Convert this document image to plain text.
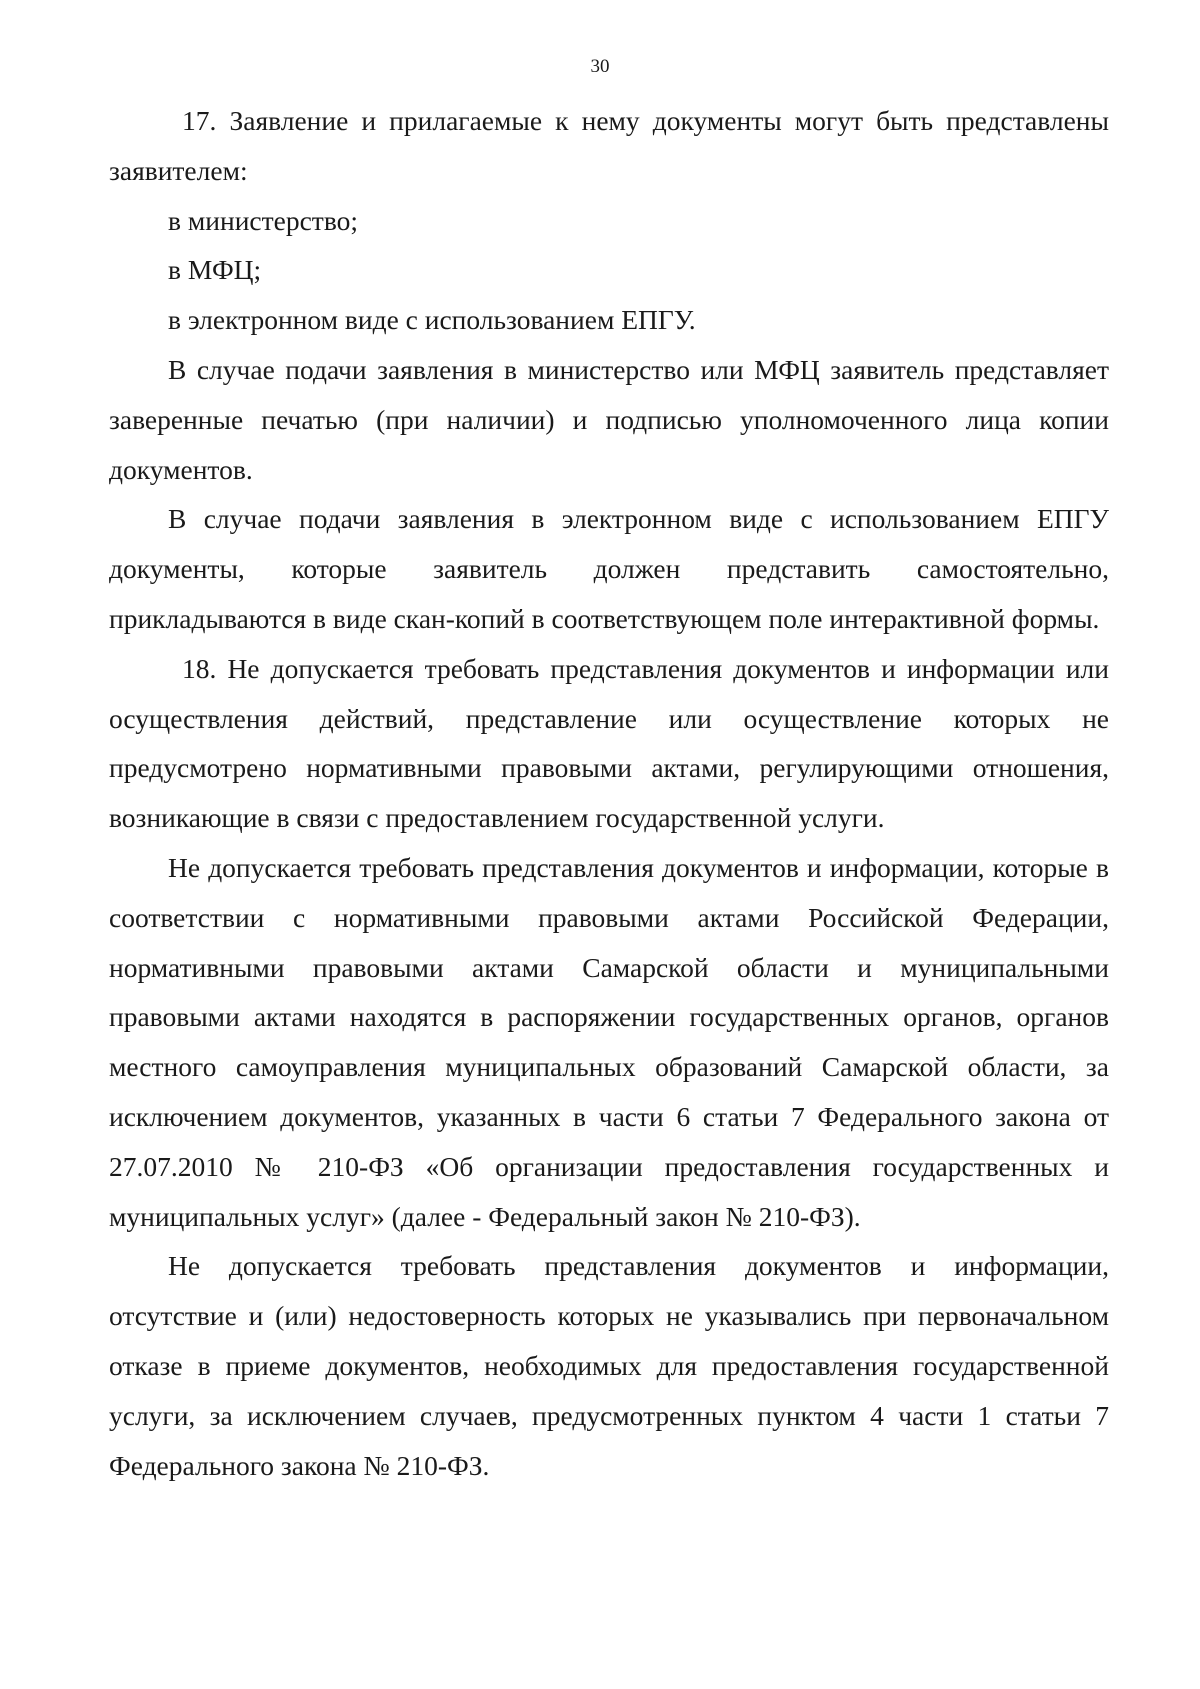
30

17. Заявление и прилагаемые к нему документы могут быть представлены заявителем:

в министерство;

в МФЦ;

в электронном виде с использованием ЕПГУ.

В случае подачи заявления в министерство или МФЦ заявитель представляет заверенные печатью (при наличии) и подписью уполномоченного лица копии документов.

В случае подачи заявления в электронном виде с использованием ЕПГУ документы, которые заявитель должен представить самостоятельно, прикладываются в виде скан-копий в соответствующем поле интерактивной формы.

18. Не допускается требовать представления документов и информации или осуществления действий, представление или осуществление которых не предусмотрено нормативными правовыми актами, регулирующими отношения, возникающие в связи с предоставлением государственной услуги.

Не допускается требовать представления документов и информации, которые в соответствии с нормативными правовыми актами Российской Федерации, нормативными правовыми актами Самарской области и муниципальными правовыми актами находятся в распоряжении государственных органов, органов местного самоуправления муниципальных образований Самарской области, за исключением документов, указанных в части 6 статьи 7 Федерального закона от 27.07.2010 № 210-ФЗ «Об организации предоставления государственных и муниципальных услуг» (далее - Федеральный закон № 210-ФЗ).

Не допускается требовать представления документов и информации, отсутствие и (или) недостоверность которых не указывались при первоначальном отказе в приеме документов, необходимых для предоставления государственной услуги, за исключением случаев, предусмотренных пунктом 4 части 1 статьи 7 Федерального закона № 210-ФЗ.
